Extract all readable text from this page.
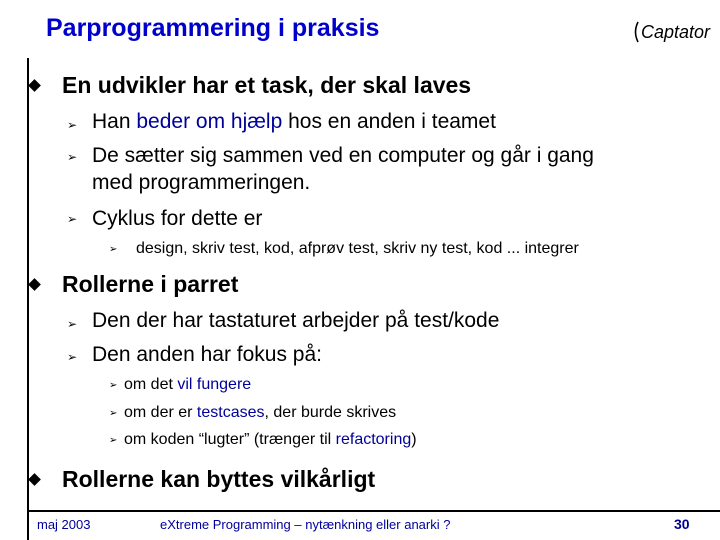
Parprogrammering i praksis	Captator
En udvikler har et task, der skal laves
➢ Han beder om hjælp hos en anden i teamet
➢ De sætter sig sammen ved en computer og går i gang
med programmeringen.
➢ Cyklus for dette er
➢ design, skriv test, kod, afprøv test, skriv ny test, kod ... integrer
Rollerne i parret
➢ Den der har tastaturet arbejder på test/kode
➢ Den anden har fokus på:
➢ om det vil fungere
➢ om der er testcases, der burde skrives
➢ om koden “lugter” (trænger til refactoring)
Rollerne kan byttes vilkårligt
maj 2003	eXtreme Programming – nytænkning eller anarki ?	30
